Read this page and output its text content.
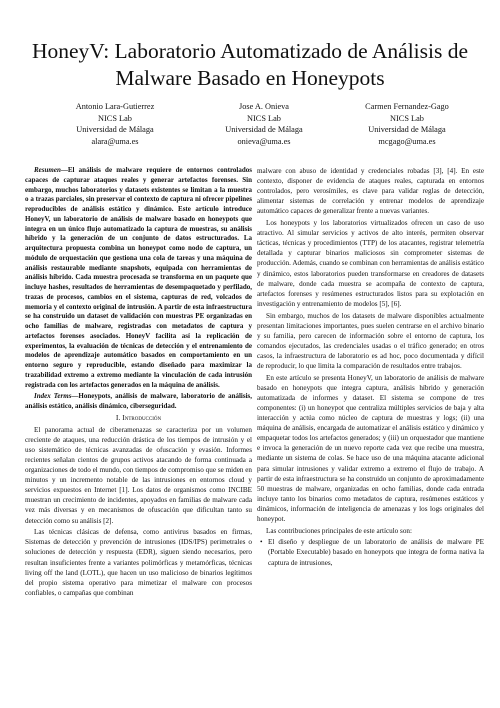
HoneyV: Laboratorio Automatizado de Análisis de Malware Basado en Honeypots
Antonio Lara-Gutierrez
NICS Lab
Universidad de Málaga
alara@uma.es
Jose A. Onieva
NICS Lab
Universidad de Málaga
onieva@uma.es
Carmen Fernandez-Gago
NICS Lab
Universidad de Málaga
mcgago@uma.es

Resumen—El análisis de malware requiere de entornos controlados capaces de capturar ataques reales y generar artefactos forenses. Sin embargo, muchos laboratorios y datasets existentes se limitan a la muestra o a trazas parciales, sin preservar el contexto de captura ni ofrecer pipelines reproducibles de análisis estático y dinámico. Este artículo introduce HoneyV, un laboratorio de análisis de malware basado en honeypots que integra en un único flujo automatizado la captura de muestras, su análisis híbrido y la generación de un conjunto de datos estructurados. La arquitectura propuesta combina un honeypot como nodo de captura, un módulo de orquestación que gestiona una cola de tareas y una máquina de análisis restaurable mediante snapshots, equipada con herramientas de análisis híbrido. Cada muestra procesada se transforma en un paquete que incluye hashes, resultados de herramientas de desempaquetado y perfilado, trazas de procesos, cambios en el sistema, capturas de red, volcados de memoria y el contexto original de intrusión. A partir de esta infraestructura se ha construido un dataset de validación con muestras PE organizadas en ocho familias de malware, registradas con metadatos de captura y artefactos forenses asociados. HoneyV facilita así la replicación de experimentos, la evaluación de técnicas de detección y el entrenamiento de modelos de aprendizaje automático basados en comportamiento en un entorno seguro y reproducible, estando diseñado para maximizar la trazabilidad extremo a extremo mediante la vinculación de cada intrusión registrada con los artefactos generados en la máquina de análisis.

Index Terms—Honeypots, análisis de malware, laboratorio de análisis, análisis estático, análisis dinámico, ciberseguridad.

I. Introducción

El panorama actual de ciberamenazas se caracteriza por un volumen creciente de ataques, una reducción drástica de los tiempos de intrusión y el uso sistemático de técnicas avanzadas de ofuscación y evasión. Informes recientes señalan cientos de grupos activos atacando de forma continuada a organizaciones de todo el mundo, con tiempos de compromiso que se miden en minutos y un incremento notable de las intrusiones en entornos cloud y servicios expuestos en Internet [1]. Los datos de organismos como INCIBE muestran un crecimiento de incidentes, apoyados en familias de malware cada vez más diversas y en mecanismos de ofuscación que dificultan tanto su detección como su análisis [2].

Las técnicas clásicas de defensa, como antivirus basados en firmas, Sistemas de detección y prevención de intrusiones (IDS/IPS) perimetrales o soluciones de detección y respuesta (EDR), siguen siendo necesarios, pero resultan insuficientes frente a variantes polimórficas y metamórficas, técnicas living off the land (LOTL), que hacen un uso malicioso de binarios legítimos del propio sistema operativo para mimetizar el malware con procesos confiables, o campañas que combinan

malware con abuso de identidad y credenciales robadas [3], [4]. En este contexto, disponer de evidencia de ataques reales, capturada en entornos controlados, pero verosímiles, es clave para validar reglas de detección, alimentar sistemas de correlación y entrenar modelos de aprendizaje automático capaces de generalizar frente a nuevas variantes.

Los honeypots y los laboratorios virtualizados ofrecen un caso de uso atractivo. Al simular servicios y activos de alto interés, permiten observar tácticas, técnicas y procedimientos (TTP) de los atacantes, registrar telemetría detallada y capturar binarios maliciosos sin comprometer sistemas de producción. Además, cuando se combinan con herramientas de análisis estático y dinámico, estos laboratorios pueden transformarse en creadores de datasets de malware, donde cada muestra se acompaña de contexto de captura, artefactos forenses y resúmenes estructurados listos para su explotación en investigación y entrenamiento de modelos [5], [6].

Sin embargo, muchos de los datasets de malware disponibles actualmente presentan limitaciones importantes, pues suelen centrarse en el archivo binario y su familia, pero carecen de información sobre el entorno de captura, los comandos ejecutados, las credenciales usadas o el tráfico generado; en otros casos, la infraestructura de laboratorio es ad hoc, poco documentada y difícil de reproducir, lo que limita la comparación de resultados entre trabajos.

En este artículo se presenta HoneyV, un laboratorio de análisis de malware basado en honeypots que integra captura, análisis híbrido y generación automatizada de informes y dataset. El sistema se compone de tres componentes: (i) un honeypot que centraliza múltiples servicios de baja y alta interacción y actúa como núcleo de captura de muestras y logs; (ii) una máquina de análisis, encargada de automatizar el análisis estático y dinámico y empaquetar todos los artefactos generados; y (iii) un orquestador que mantiene e invoca la generación de un nuevo reporte cada vez que recibe una muestra, mediante un sistema de colas. Se hace uso de una máquina atacante adicional para simular intrusiones y validar extremo a extremo el flujo de trabajo. A partir de esta infraestructura se ha construido un conjunto de aproximadamente 50 muestras de malware, organizadas en ocho familias, donde cada entrada incluye tanto los binarios como metadatos de captura, resúmenes estáticos y dinámicos, información de inteligencia de amenazas y los logs originales del honeypot.

Las contribuciones principales de este artículo son:

• El diseño y despliegue de un laboratorio de análisis de malware PE (Portable Executable) basado en honeypots que integra de forma nativa la captura de intrusiones,
